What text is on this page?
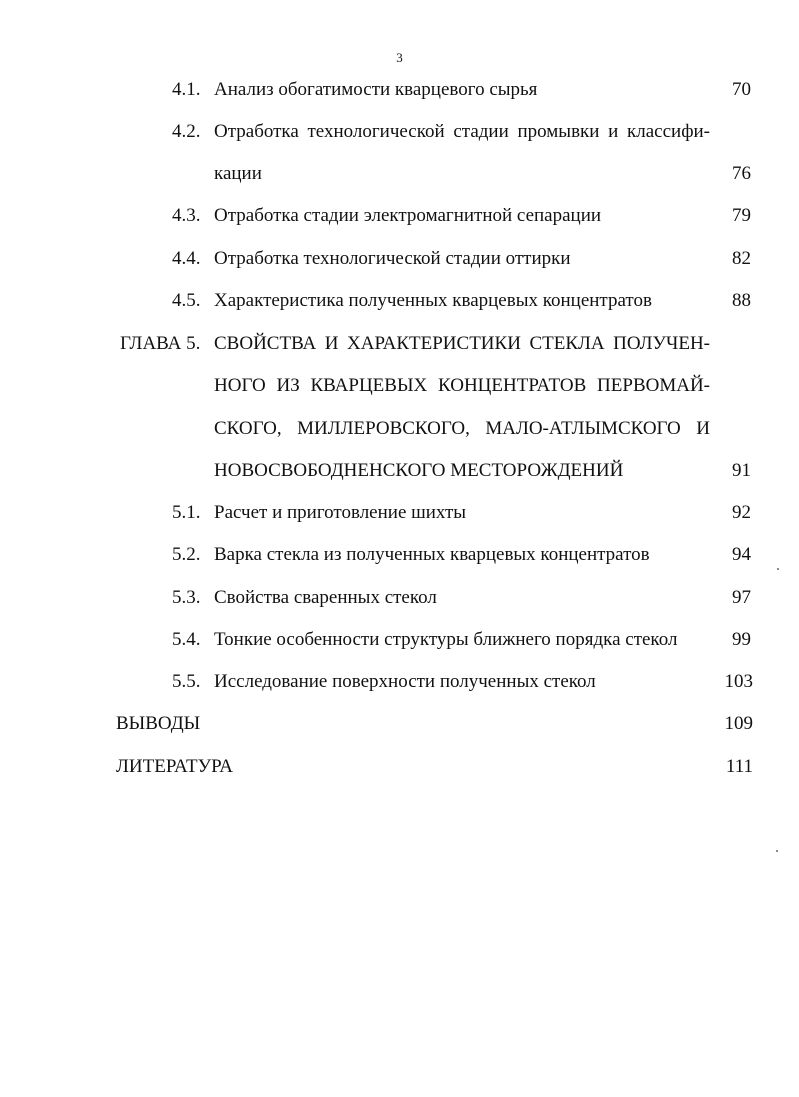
3
4.1. Анализ обогатимости кварцевого сырья	70
4.2. Отработка технологической стадии промывки и классифи-
кации	76
4.3. Отработка стадии электромагнитной сепарации	79
4.4. Отработка технологической стадии оттирки	82
4.5. Характеристика полученных кварцевых концентратов	88
ГЛАВА 5. СВОЙСТВА И ХАРАКТЕРИСТИКИ СТЕКЛА ПОЛУЧЕН-
НОГО ИЗ КВАРЦЕВЫХ КОНЦЕНТРАТОВ ПЕРВОМАЙ-
СКОГО, МИЛЛЕРОВСКОГО, МАЛО-АТЛЫМСКОГО И
НОВОСВОБОДНЕНСКОГО МЕСТОРОЖДЕНИЙ	91
5.1. Расчет и приготовление шихты	92
5.2. Варка стекла из полученных кварцевых концентратов	94
5.3. Свойства сваренных стекол	97
5.4. Тонкие особенности структуры ближнего порядка стекол	99
5.5. Исследование поверхности полученных стекол	103
ВЫВОДЫ	109
ЛИТЕРАТУРА	111
